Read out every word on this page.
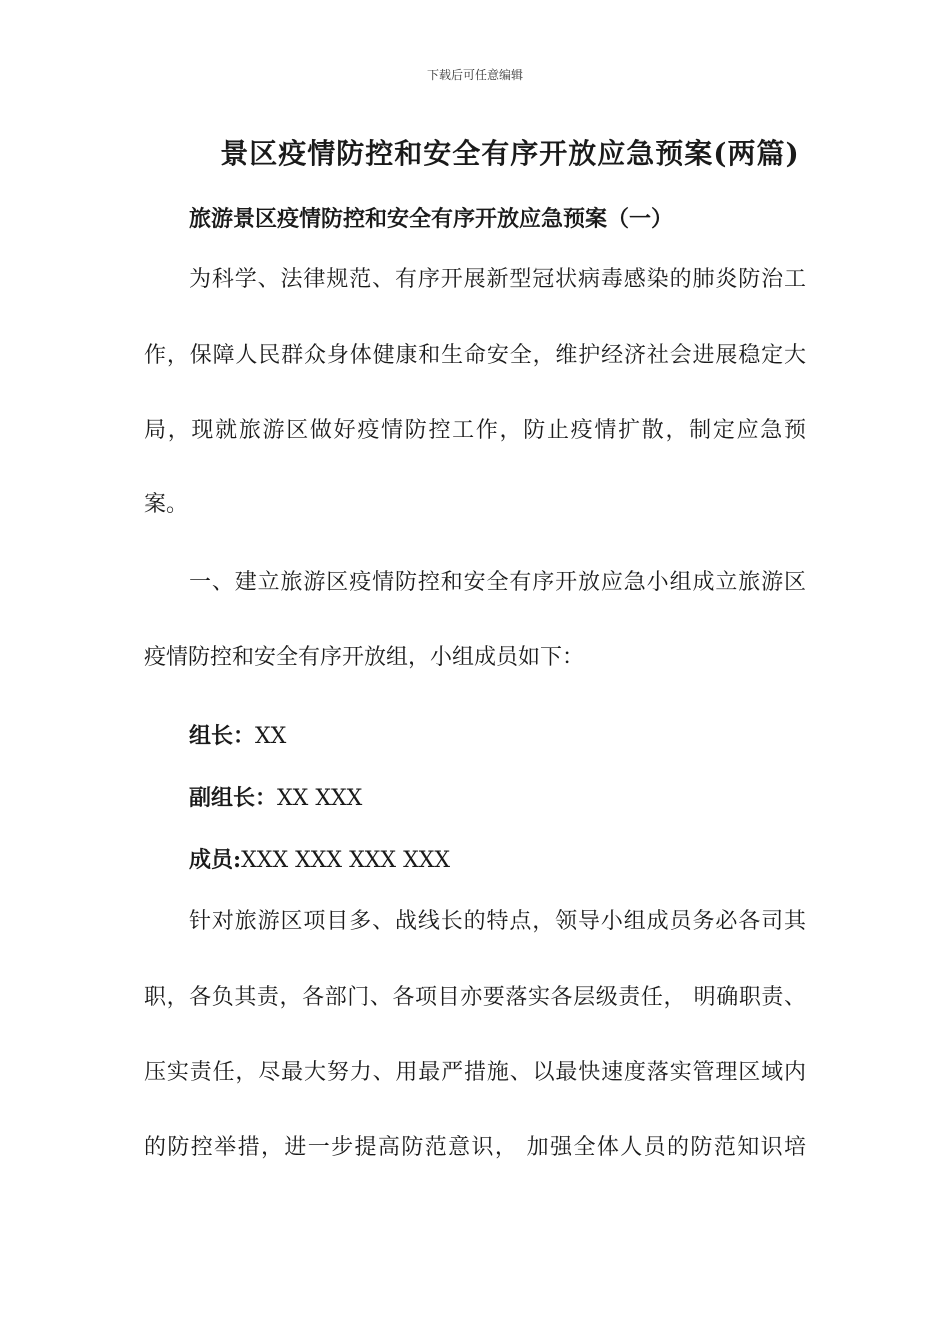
下载后可任意编辑
景区疫情防控和安全有序开放应急预案(两篇)
旅游景区疫情防控和安全有序开放应急预案（一）
为科学、法律规范、有序开展新型冠状病毒感染的肺炎防治工
作，保障人民群众身体健康和生命安全，维护经济社会进展稳定大
局，现就旅游区做好疫情防控工作，防止疫情扩散，制定应急预
案。
一、建立旅游区疫情防控和安全有序开放应急小组成立旅游区
疫情防控和安全有序开放组，小组成员如下：
组长：XX
副组长：XX XXX
成员:XXX XXX XXX XXX
针对旅游区项目多、战线长的特点，领导小组成员务必各司其
职，各负其责，各部门、各项目亦要落实各层级责任， 明确职责、
压实责任，尽最大努力、用最严措施、以最快速度落实管理区域内
的防控举措，进一步提高防范意识， 加强全体人员的防范知识培
